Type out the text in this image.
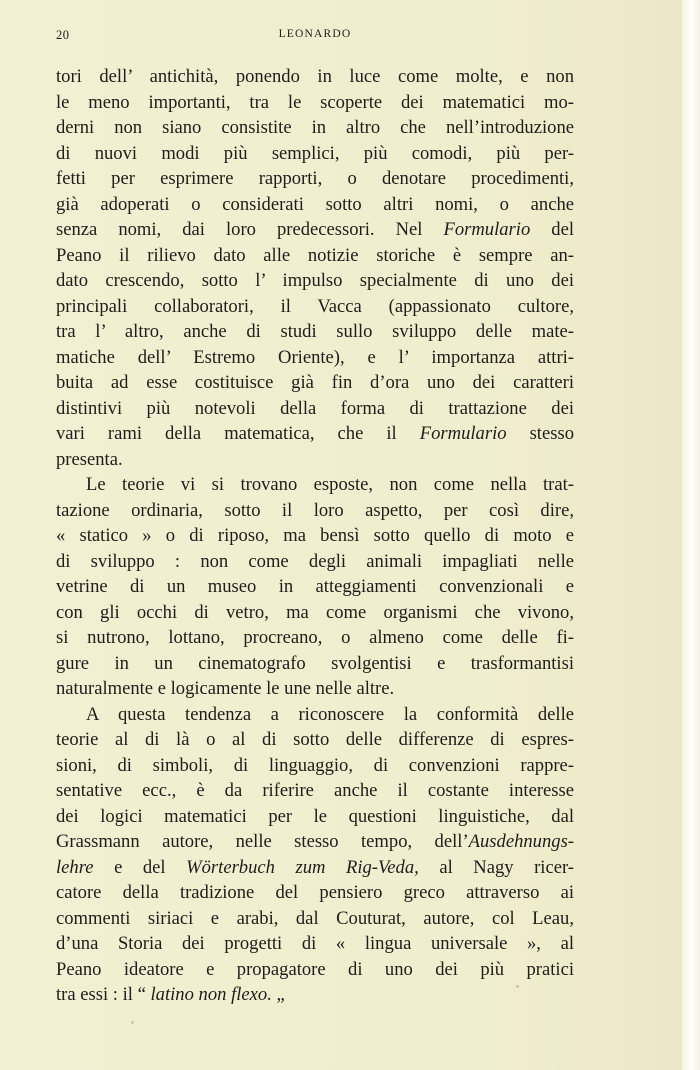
20	LEONARDO
tori dell’ antichità, ponendo in luce come molte, e non
le meno importanti, tra le scoperte dei matematici mo-
derni non siano consistite in altro che nell’introduzione
di nuovi modi più semplici, più comodi, più per-
fetti per esprimere rapporti, o denotare procedimenti,
già adoperati o considerati sotto altri nomi, o anche
senza nomi, dai loro predecessori. Nel Formulario del
Peano il rilievo dato alle notizie storiche è sempre an-
dato crescendo, sotto l’ impulso specialmente di uno dei
principali collaboratori, il Vacca (appassionato cultore,
tra l’ altro, anche di studi sullo sviluppo delle mate-
matiche dell’ Estremo Oriente), e l’ importanza attri-
buita ad esse costituisce già fin d’ora uno dei caratteri
distintivi più notevoli della forma di trattazione dei
vari rami della matematica, che il Formulario stesso
presenta.
Le teorie vi si trovano esposte, non come nella trat-
tazione ordinaria, sotto il loro aspetto, per così dire,
« statico » o di riposo, ma bensì sotto quello di moto e
di sviluppo : non come degli animali impagliati nelle
vetrine di un museo in atteggiamenti convenzionali e
con gli occhi di vetro, ma come organismi che vivono,
si nutrono, lottano, procreano, o almeno come delle fi-
gure in un cinematografo svolgentisi e trasformantisi
naturalmente e logicamente le une nelle altre.
A questa tendenza a riconoscere la conformità delle
teorie al di là o al di sotto delle differenze di espres-
sioni, di simboli, di linguaggio, di convenzioni rappre-
sentative ecc., è da riferire anche il costante interesse
dei logici matematici per le questioni linguistiche, dal
Grassmann autore, nelle stesso tempo, dell’Ausdehnungs-
lehre e del Wörterbuch zum Rig-Veda, al Nagy ricer-
catore della tradizione del pensiero greco attraverso ai
commenti siriaci e arabi, dal Couturat, autore, col Leau,
d’una Storia dei progetti di « lingua universale », al
Peano ideatore e propagatore di uno dei più pratici
tra essi : il “ latino non flexo. „
